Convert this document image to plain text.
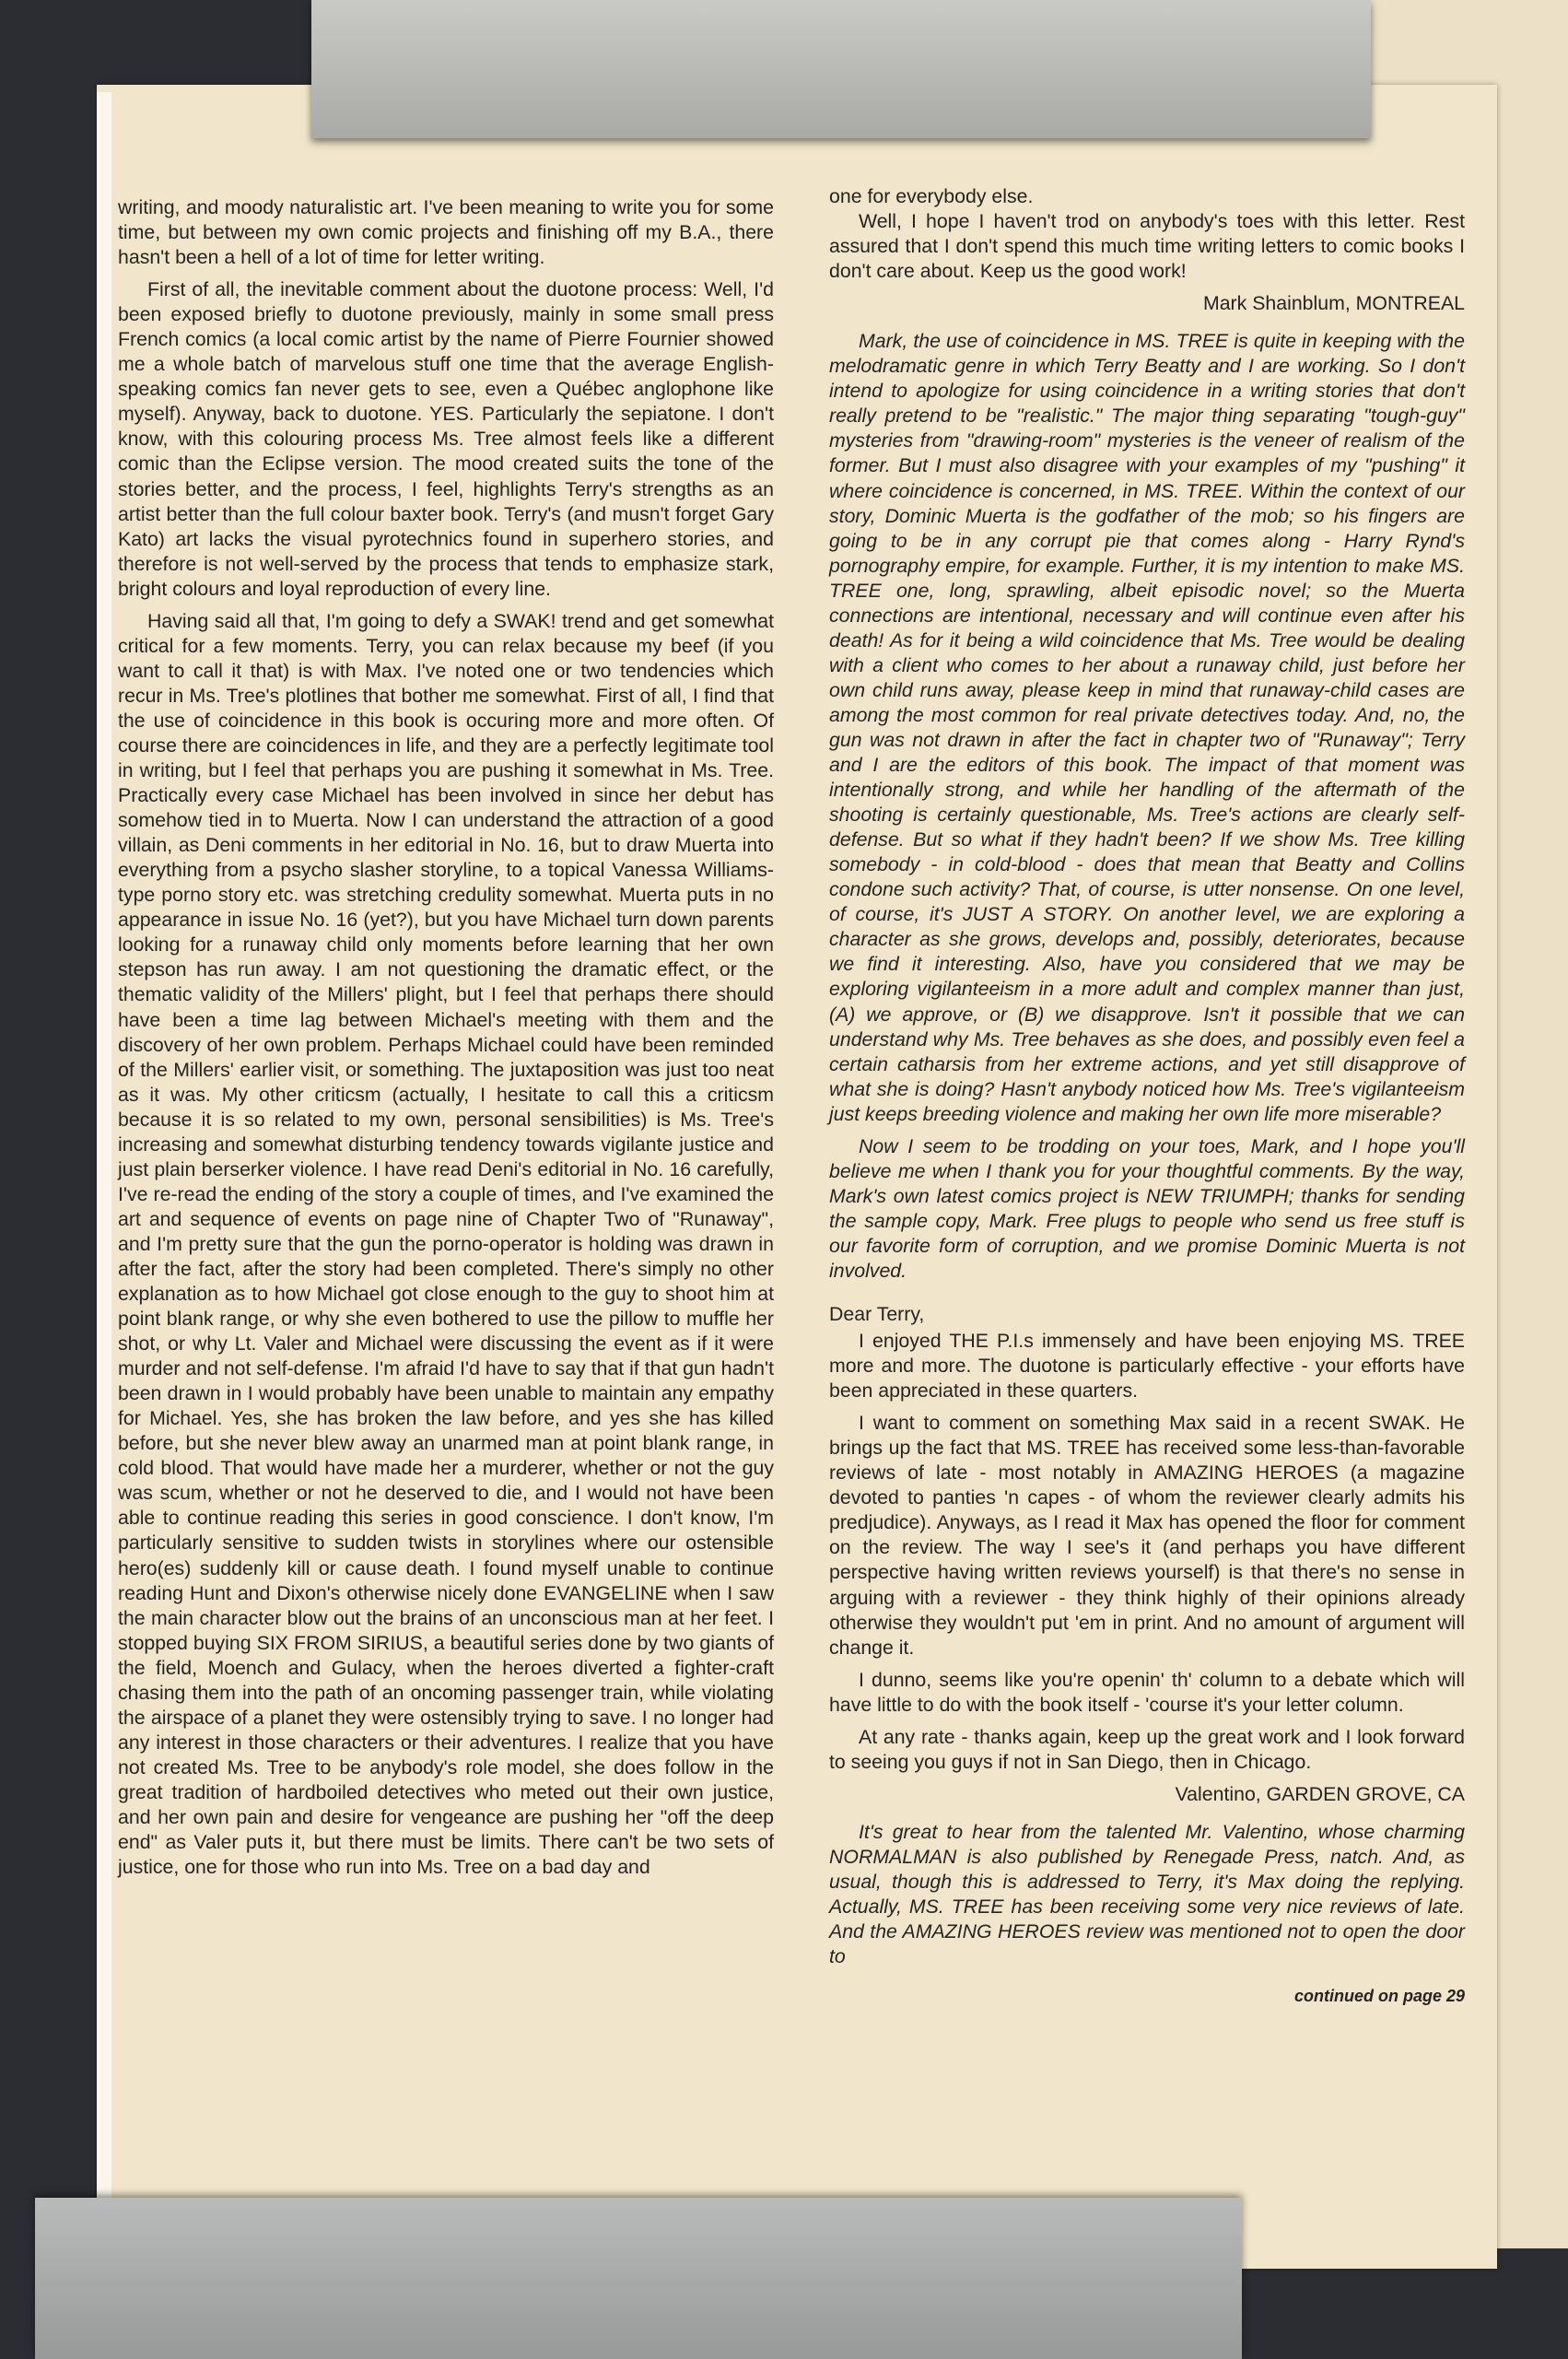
writing, and moody naturalistic art. I've been meaning to write you for some time, but between my own comic projects and finishing off my B.A., there hasn't been a hell of a lot of time for letter writing.

First of all, the inevitable comment about the duotone process: Well, I'd been exposed briefly to duotone previously, mainly in some small press French comics (a local comic artist by the name of Pierre Fournier showed me a whole batch of marvelous stuff one time that the average English-speaking comics fan never gets to see, even a Québec anglophone like myself). Anyway, back to duotone. YES. Particularly the sepiatone. I don't know, with this colouring process Ms. Tree almost feels like a different comic than the Eclipse version. The mood created suits the tone of the stories better, and the process, I feel, highlights Terry's strengths as an artist better than the full colour baxter book. Terry's (and musn't forget Gary Kato) art lacks the visual pyrotechnics found in superhero stories, and therefore is not well-served by the process that tends to emphasize stark, bright colours and loyal reproduction of every line.

Having said all that, I'm going to defy a SWAK! trend and get somewhat critical for a few moments. Terry, you can relax because my beef (if you want to call it that) is with Max. I've noted one or two tendencies which recur in Ms. Tree's plotlines that bother me somewhat. First of all, I find that the use of coincidence in this book is occuring more and more often. Of course there are coincidences in life, and they are a perfectly legitimate tool in writing, but I feel that perhaps you are pushing it somewhat in Ms. Tree. Practically every case Michael has been involved in since her debut has somehow tied in to Muerta. Now I can understand the attraction of a good villain, as Deni comments in her editorial in No. 16, but to draw Muerta into everything from a psycho slasher storyline, to a topical Vanessa Williams-type porno story etc. was stretching credulity somewhat. Muerta puts in no appearance in issue No. 16 (yet?), but you have Michael turn down parents looking for a runaway child only moments before learning that her own stepson has run away. I am not questioning the dramatic effect, or the thematic validity of the Millers' plight, but I feel that perhaps there should have been a time lag between Michael's meeting with them and the discovery of her own problem. Perhaps Michael could have been reminded of the Millers' earlier visit, or something. The juxtaposition was just too neat as it was. My other criticsm (actually, I hesitate to call this a criticsm because it is so related to my own, personal sensibilities) is Ms. Tree's increasing and somewhat disturbing tendency towards vigilante justice and just plain berserker violence. I have read Deni's editorial in No. 16 carefully, I've re-read the ending of the story a couple of times, and I've examined the art and sequence of events on page nine of Chapter Two of "Runaway", and I'm pretty sure that the gun the porno-operator is holding was drawn in after the fact, after the story had been completed. There's simply no other explanation as to how Michael got close enough to the guy to shoot him at point blank range, or why she even bothered to use the pillow to muffle her shot, or why Lt. Valer and Michael were discussing the event as if it were murder and not self-defense. I'm afraid I'd have to say that if that gun hadn't been drawn in I would probably have been unable to maintain any empathy for Michael. Yes, she has broken the law before, and yes she has killed before, but she never blew away an unarmed man at point blank range, in cold blood. That would have made her a murderer, whether or not the guy was scum, whether or not he deserved to die, and I would not have been able to continue reading this series in good conscience. I don't know, I'm particularly sensitive to sudden twists in storylines where our ostensible hero(es) suddenly kill or cause death. I found myself unable to continue reading Hunt and Dixon's otherwise nicely done EVANGELINE when I saw the main character blow out the brains of an unconscious man at her feet. I stopped buying SIX FROM SIRIUS, a beautiful series done by two giants of the field, Moench and Gulacy, when the heroes diverted a fighter-craft chasing them into the path of an oncoming passenger train, while violating the airspace of a planet they were ostensibly trying to save. I no longer had any interest in those characters or their adventures. I realize that you have not created Ms. Tree to be anybody's role model, she does follow in the great tradition of hardboiled detectives who meted out their own justice, and her own pain and desire for vengeance are pushing her "off the deep end" as Valer puts it, but there must be limits. There can't be two sets of justice, one for those who run into Ms. Tree on a bad day and

one for everybody else.

Well, I hope I haven't trod on anybody's toes with this letter. Rest assured that I don't spend this much time writing letters to comic books I don't care about. Keep us the good work!

Mark Shainblum, MONTREAL

Mark, the use of coincidence in MS. TREE is quite in keeping with the melodramatic genre in which Terry Beatty and I are working. So I don't intend to apologize for using coincidence in a writing stories that don't really pretend to be "realistic." The major thing separating "tough-guy" mysteries from "drawing-room" mysteries is the veneer of realism of the former. But I must also disagree with your examples of my "pushing" it where coincidence is concerned, in MS. TREE. Within the context of our story, Dominic Muerta is the godfather of the mob; so his fingers are going to be in any corrupt pie that comes along - Harry Rynd's pornography empire, for example. Further, it is my intention to make MS. TREE one, long, sprawling, albeit episodic novel; so the Muerta connections are intentional, necessary and will continue even after his death! As for it being a wild coincidence that Ms. Tree would be dealing with a client who comes to her about a runaway child, just before her own child runs away, please keep in mind that runaway-child cases are among the most common for real private detectives today. And, no, the gun was not drawn in after the fact in chapter two of "Runaway"; Terry and I are the editors of this book. The impact of that moment was intentionally strong, and while her handling of the aftermath of the shooting is certainly questionable, Ms. Tree's actions are clearly self-defense. But so what if they hadn't been? If we show Ms. Tree killing somebody - in cold-blood - does that mean that Beatty and Collins condone such activity? That, of course, is utter nonsense. On one level, of course, it's JUST A STORY. On another level, we are exploring a character as she grows, develops and, possibly, deteriorates, because we find it interesting. Also, have you considered that we may be exploring vigilanteeism in a more adult and complex manner than just, (A) we approve, or (B) we disapprove. Isn't it possible that we can understand why Ms. Tree behaves as she does, and possibly even feel a certain catharsis from her extreme actions, and yet still disapprove of what she is doing? Hasn't anybody noticed how Ms. Tree's vigilanteeism just keeps breeding violence and making her own life more miserable?

Now I seem to be trodding on your toes, Mark, and I hope you'll believe me when I thank you for your thoughtful comments. By the way, Mark's own latest comics project is NEW TRIUMPH; thanks for sending the sample copy, Mark. Free plugs to people who send us free stuff is our favorite form of corruption, and we promise Dominic Muerta is not involved.

Dear Terry,

I enjoyed THE P.I.s immensely and have been enjoying MS. TREE more and more. The duotone is particularly effective - your efforts have been appreciated in these quarters.

I want to comment on something Max said in a recent SWAK. He brings up the fact that MS. TREE has received some less-than-favorable reviews of late - most notably in AMAZING HEROES (a magazine devoted to panties 'n capes - of whom the reviewer clearly admits his predjudice). Anyways, as I read it Max has opened the floor for comment on the review. The way I see's it (and perhaps you have different perspective having written reviews yourself) is that there's no sense in arguing with a reviewer - they think highly of their opinions already otherwise they wouldn't put 'em in print. And no amount of argument will change it.

I dunno, seems like you're openin' th' column to a debate which will have little to do with the book itself - 'course it's your letter column.

At any rate - thanks again, keep up the great work and I look forward to seeing you guys if not in San Diego, then in Chicago.

Valentino, GARDEN GROVE, CA

It's great to hear from the talented Mr. Valentino, whose charming NORMALMAN is also published by Renegade Press, natch. And, as usual, though this is addressed to Terry, it's Max doing the replying. Actually, MS. TREE has been receiving some very nice reviews of late. And the AMAZING HEROES review was mentioned not to open the door to

continued on page 29
